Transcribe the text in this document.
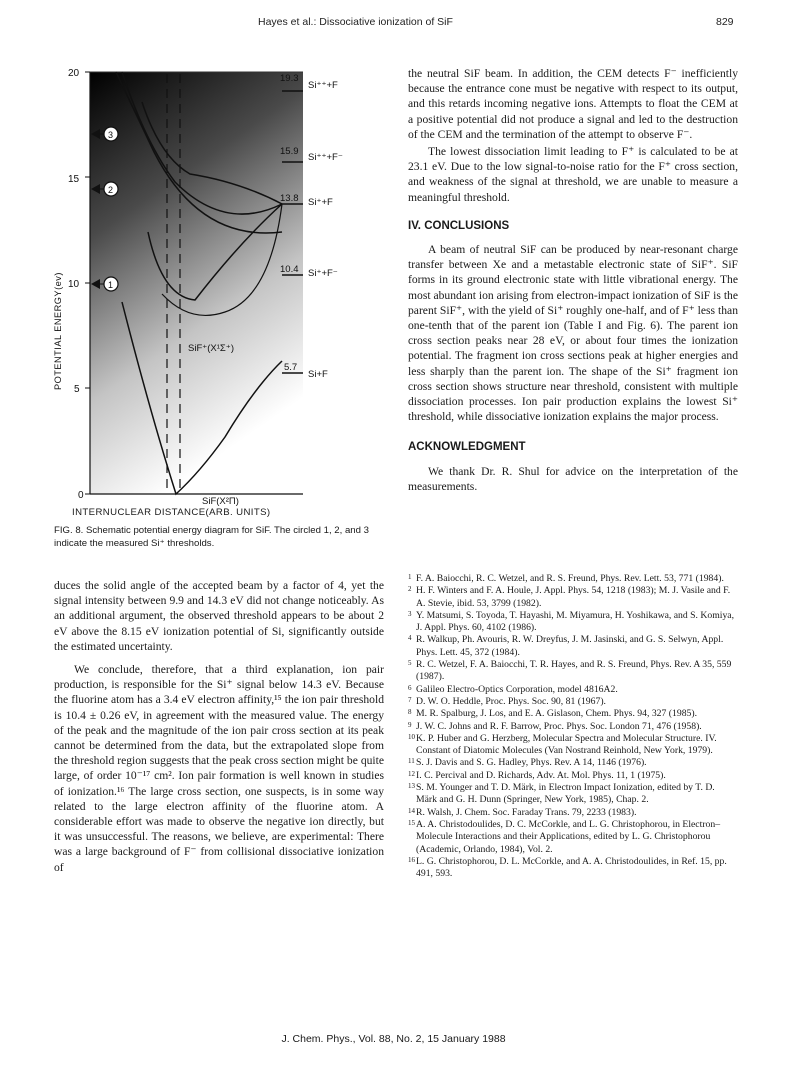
Hayes et al.: Dissociative ionization of SiF	829
20
15
10
5
0
POTENTIAL ENERGY(ev)
19.3
15.9
13.8
10.4
5.7
Si⁺⁺+F
Si⁺⁺+F⁻
Si⁺+F
Si⁺+F⁻
Si+F
3
2
1
SiF⁺(X¹Σ⁺)
SiF(X²Π)
INTERNUCLEAR DISTANCE(ARB. UNITS)
FIG. 8. Schematic potential energy diagram for SiF. The circled 1, 2, and 3 indicate the measured Si⁺ thresholds.

duces the solid angle of the accepted beam by a factor of 4, yet the signal intensity between 9.9 and 14.3 eV did not change noticeably. As an additional argument, the observed threshold appears to be about 2 eV above the 8.15 eV ionization potential of Si, significantly outside the estimated uncertainty.

We conclude, therefore, that a third explanation, ion pair production, is responsible for the Si⁺ signal below 14.3 eV. Because the fluorine atom has a 3.4 eV electron affinity,¹⁵ the ion pair threshold is 10.4 ± 0.26 eV, in agreement with the measured value. The energy of the peak and the magnitude of the ion pair cross section at its peak cannot be determined from the data, but the extrapolated slope from the threshold region suggests that the peak cross section might be quite large, of order 10⁻¹⁷ cm². Ion pair formation is well known in studies of ionization.¹⁶ The large cross section, one suspects, is in some way related to the large electron affinity of the fluorine atom. A considerable effort was made to observe the negative ion directly, but it was unsuccessful. The reasons, we believe, are experimental: There was a large background of F⁻ from collisional dissociative ionization of

the neutral SiF beam. In addition, the CEM detects F⁻ inefficiently because the entrance cone must be negative with respect to its output, and this retards incoming negative ions. Attempts to float the CEM at a positive potential did not produce a signal and led to the destruction of the CEM and the termination of the attempt to observe F⁻.

The lowest dissociation limit leading to F⁺ is calculated to be at 23.1 eV. Due to the low signal-to-noise ratio for the F⁺ cross section, and weakness of the signal at threshold, we are unable to measure a meaningful threshold.

IV. CONCLUSIONS

A beam of neutral SiF can be produced by near-resonant charge transfer between Xe and a metastable electronic state of SiF⁺. SiF forms in its ground electronic state with little vibrational energy. The most abundant ion arising from electron-impact ionization of SiF is the parent SiF⁺, with the yield of Si⁺ roughly one-half, and of F⁺ less than one-tenth that of the parent ion (Table I and Fig. 6). The parent ion cross section peaks near 28 eV, or about four times the ionization potential. The fragment ion cross sections peak at higher energies and less sharply than the parent ion. The shape of the Si⁺ fragment ion cross section shows structure near threshold, consistent with multiple dissociation processes. Ion pair production explains the lowest Si⁺ threshold, while dissociative ionization explains the major process.

ACKNOWLEDGMENT

We thank Dr. R. Shul for advice on the interpretation of the measurements.

1 F. A. Baiocchi, R. C. Wetzel, and R. S. Freund, Phys. Rev. Lett. 53, 771 (1984).
2 H. F. Winters and F. A. Houle, J. Appl. Phys. 54, 1218 (1983); M. J. Vasile and F. A. Stevie, ibid. 53, 3799 (1982).
3 Y. Matsumi, S. Toyoda, T. Hayashi, M. Miyamura, H. Yoshikawa, and S. Komiya, J. Appl. Phys. 60, 4102 (1986).
4 R. Walkup, Ph. Avouris, R. W. Dreyfus, J. M. Jasinski, and G. S. Selwyn, Appl. Phys. Lett. 45, 372 (1984).
5 R. C. Wetzel, F. A. Baiocchi, T. R. Hayes, and R. S. Freund, Phys. Rev. A 35, 559 (1987).
6 Galileo Electro-Optics Corporation, model 4816A2.
7 D. W. O. Heddle, Proc. Phys. Soc. 90, 81 (1967).
8 M. R. Spalburg, J. Los, and E. A. Gislason, Chem. Phys. 94, 327 (1985).
9 J. W. C. Johns and R. F. Barrow, Proc. Phys. Soc. London 71, 476 (1958).
10 K. P. Huber and G. Herzberg, Molecular Spectra and Molecular Structure. IV. Constant of Diatomic Molecules (Van Nostrand Reinhold, New York, 1979).
11 S. J. Davis and S. G. Hadley, Phys. Rev. A 14, 1146 (1976).
12 I. C. Percival and D. Richards, Adv. At. Mol. Phys. 11, 1 (1975).
13 S. M. Younger and T. D. Märk, in Electron Impact Ionization, edited by T. D. Märk and G. H. Dunn (Springer, New York, 1985), Chap. 2.
14 R. Walsh, J. Chem. Soc. Faraday Trans. 79, 2233 (1983).
15 A. A. Christodoulides, D. C. McCorkle, and L. G. Christophorou, in Electron–Molecule Interactions and their Applications, edited by L. G. Christophorou (Academic, Orlando, 1984), Vol. 2.
16 L. G. Christophorou, D. L. McCorkle, and A. A. Christodoulides, in Ref. 15, pp. 491, 593.
J. Chem. Phys., Vol. 88, No. 2, 15 January 1988
